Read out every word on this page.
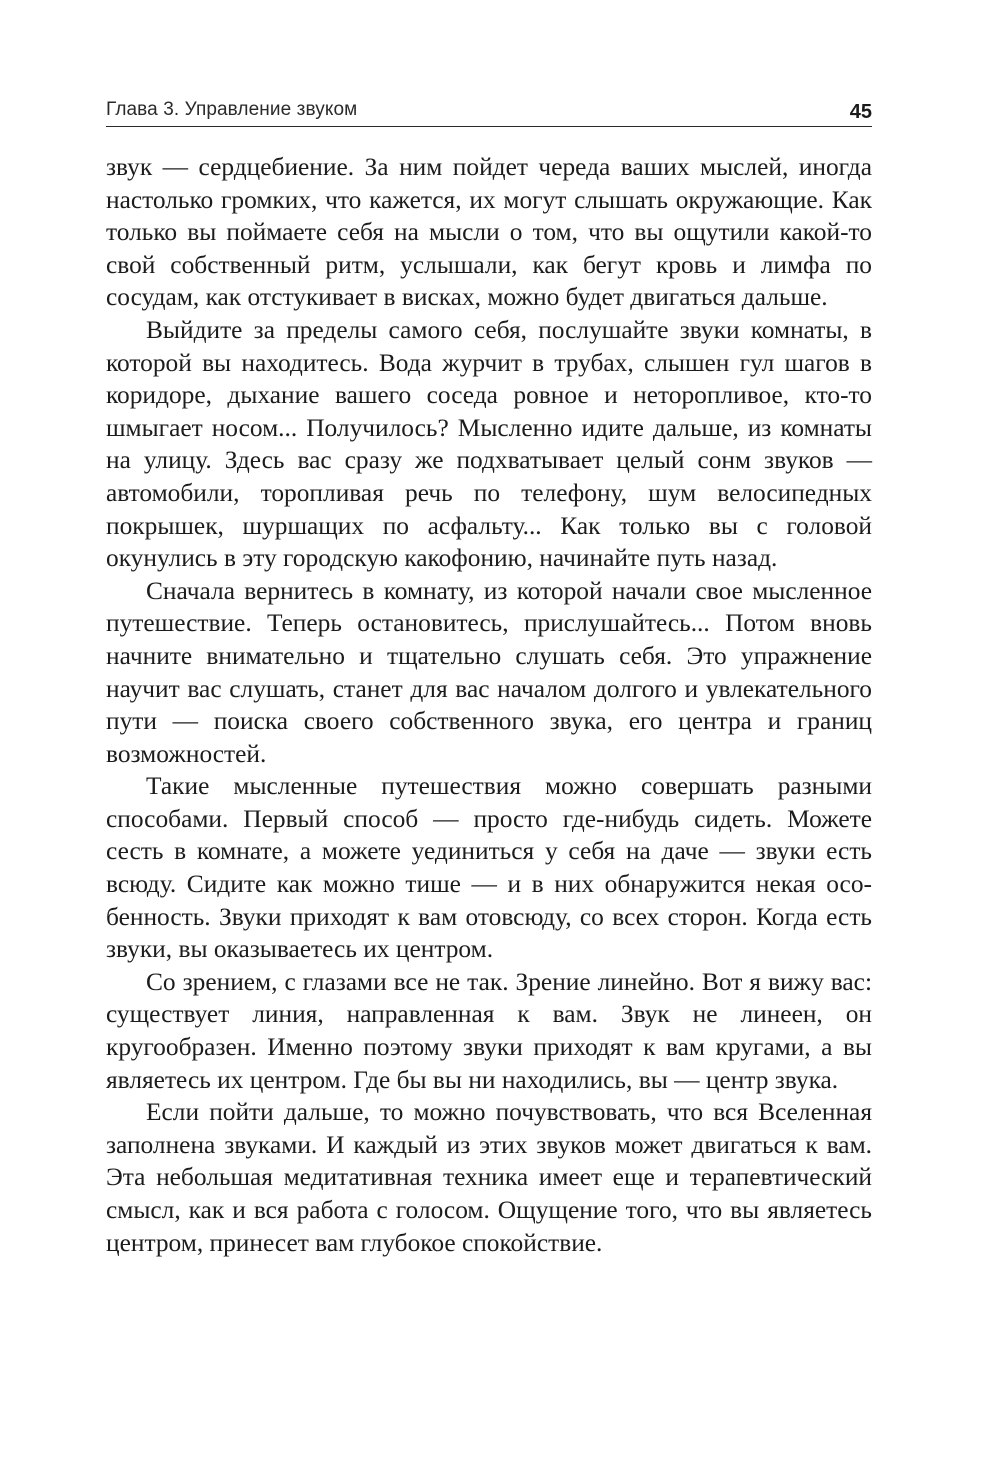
Глава 3. Управление звуком	45

звук — сердцебиение. За ним пойдет череда ваших мыслей, иногда настолько громких, что кажется, их могут слышать окружающие. Как только вы поймаете себя на мысли о том, что вы ощутили какой-то свой собственный ритм, услышали, как бегут кровь и лимфа по сосудам, как отстукивает в висках, можно будет двигаться дальше.

Выйдите за пределы самого себя, послушайте звуки комнаты, в которой вы находитесь. Вода журчит в трубах, слышен гул шагов в коридоре, дыхание вашего соседа ровное и неторопливое, кто-то шмыгает носом... Получилось? Мысленно идите дальше, из комнаты на улицу. Здесь вас сразу же подхватывает целый сонм звуков — автомобили, торопливая речь по телефону, шум велосипедных покрышек, шуршащих по асфальту... Как только вы с головой окунулись в эту городскую какофонию, начинайте путь назад.

Сначала вернитесь в комнату, из которой начали свое мысленное путешествие. Теперь остановитесь, прислушайтесь... Потом вновь начните внимательно и тщательно слушать себя. Это упражнение научит вас слушать, станет для вас началом долгого и увлекательного пути — поиска своего собственного звука, его центра и границ возможностей.

Такие мысленные путешествия можно совершать разными способами. Первый способ — просто где-нибудь сидеть. Можете сесть в комнате, а можете уединиться у себя на даче — звуки есть всюду. Сидите как можно тише — и в них обнаружится некая особенность. Звуки приходят к вам отовсюду, со всех сторон. Когда есть звуки, вы оказываетесь их центром.

Со зрением, с глазами все не так. Зрение линейно. Вот я вижу вас: существует линия, направленная к вам. Звук не линеен, он кругообразен. Именно поэтому звуки приходят к вам кругами, а вы являетесь их центром. Где бы вы ни находились, вы — центр звука.

Если пойти дальше, то можно почувствовать, что вся Вселенная заполнена звуками. И каждый из этих звуков может двигаться к вам. Эта небольшая медитативная техника имеет еще и терапевтический смысл, как и вся работа с голосом. Ощущение того, что вы являетесь центром, принесет вам глубокое спокойствие.
